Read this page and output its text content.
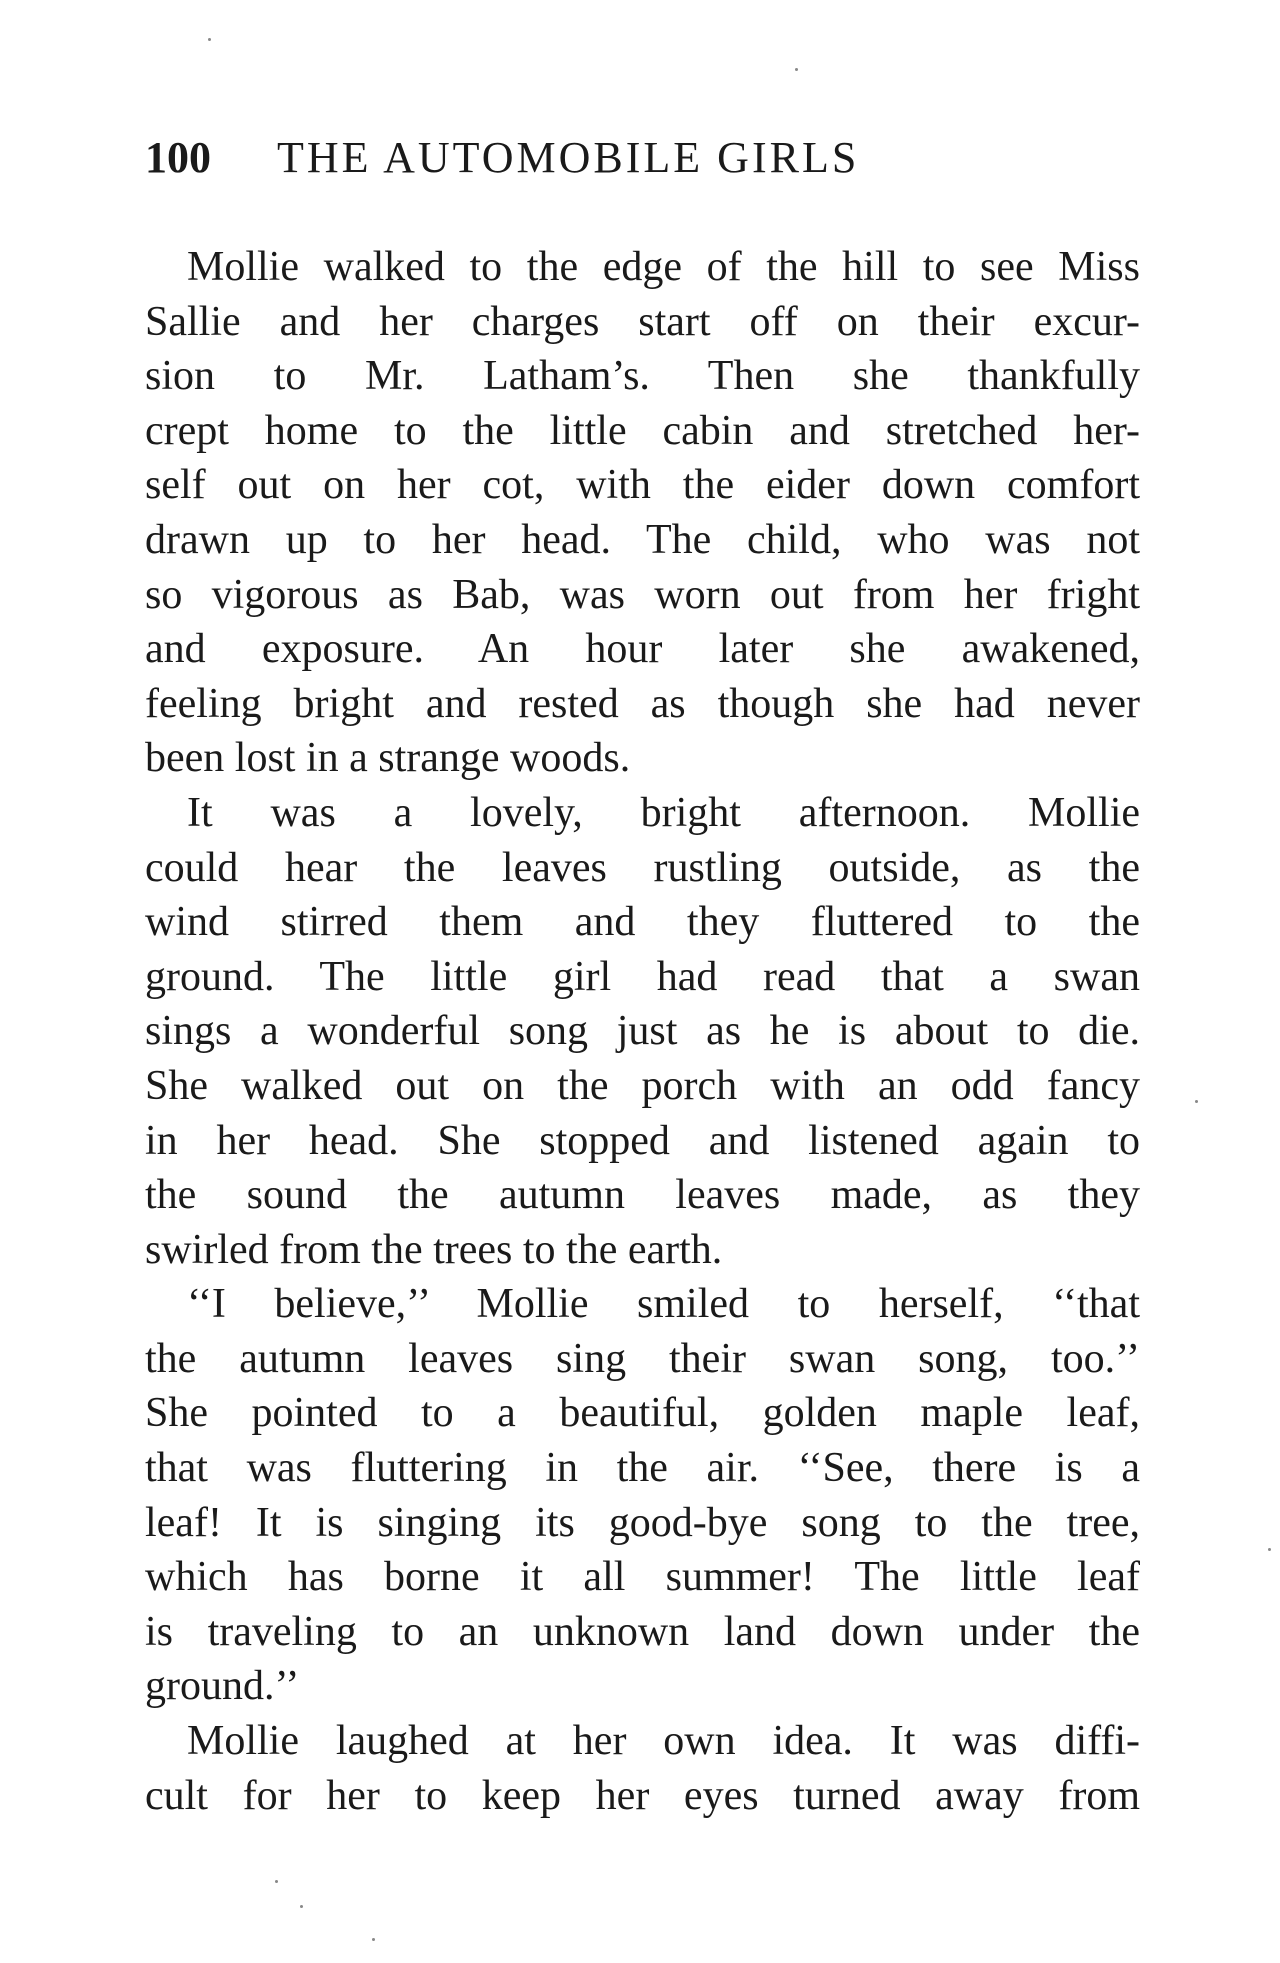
100 THE AUTOMOBILE GIRLS
Mollie walked to the edge of the hill to see Miss
Sallie and her charges start off on their excur-
sion to Mr. Latham’s. Then she thankfully
crept home to the little cabin and stretched her-
self out on her cot, with the eider down comfort
drawn up to her head. The child, who was not
so vigorous as Bab, was worn out from her fright
and exposure. An hour later she awakened,
feeling bright and rested as though she had never
been lost in a strange woods.
It was a lovely, bright afternoon. Mollie
could hear the leaves rustling outside, as the
wind stirred them and they fluttered to the
ground. The little girl had read that a swan
sings a wonderful song just as he is about to die.
She walked out on the porch with an odd fancy
in her head. She stopped and listened again to
the sound the autumn leaves made, as they
swirled from the trees to the earth.
‘‘I believe,’’ Mollie smiled to herself, ‘‘that
the autumn leaves sing their swan song, too.’’
She pointed to a beautiful, golden maple leaf,
that was fluttering in the air. ‘‘See, there is a
leaf! It is singing its good-bye song to the tree,
which has borne it all summer! The little leaf
is traveling to an unknown land down under the
ground.’’
Mollie laughed at her own idea. It was diffi-
cult for her to keep her eyes turned away from
